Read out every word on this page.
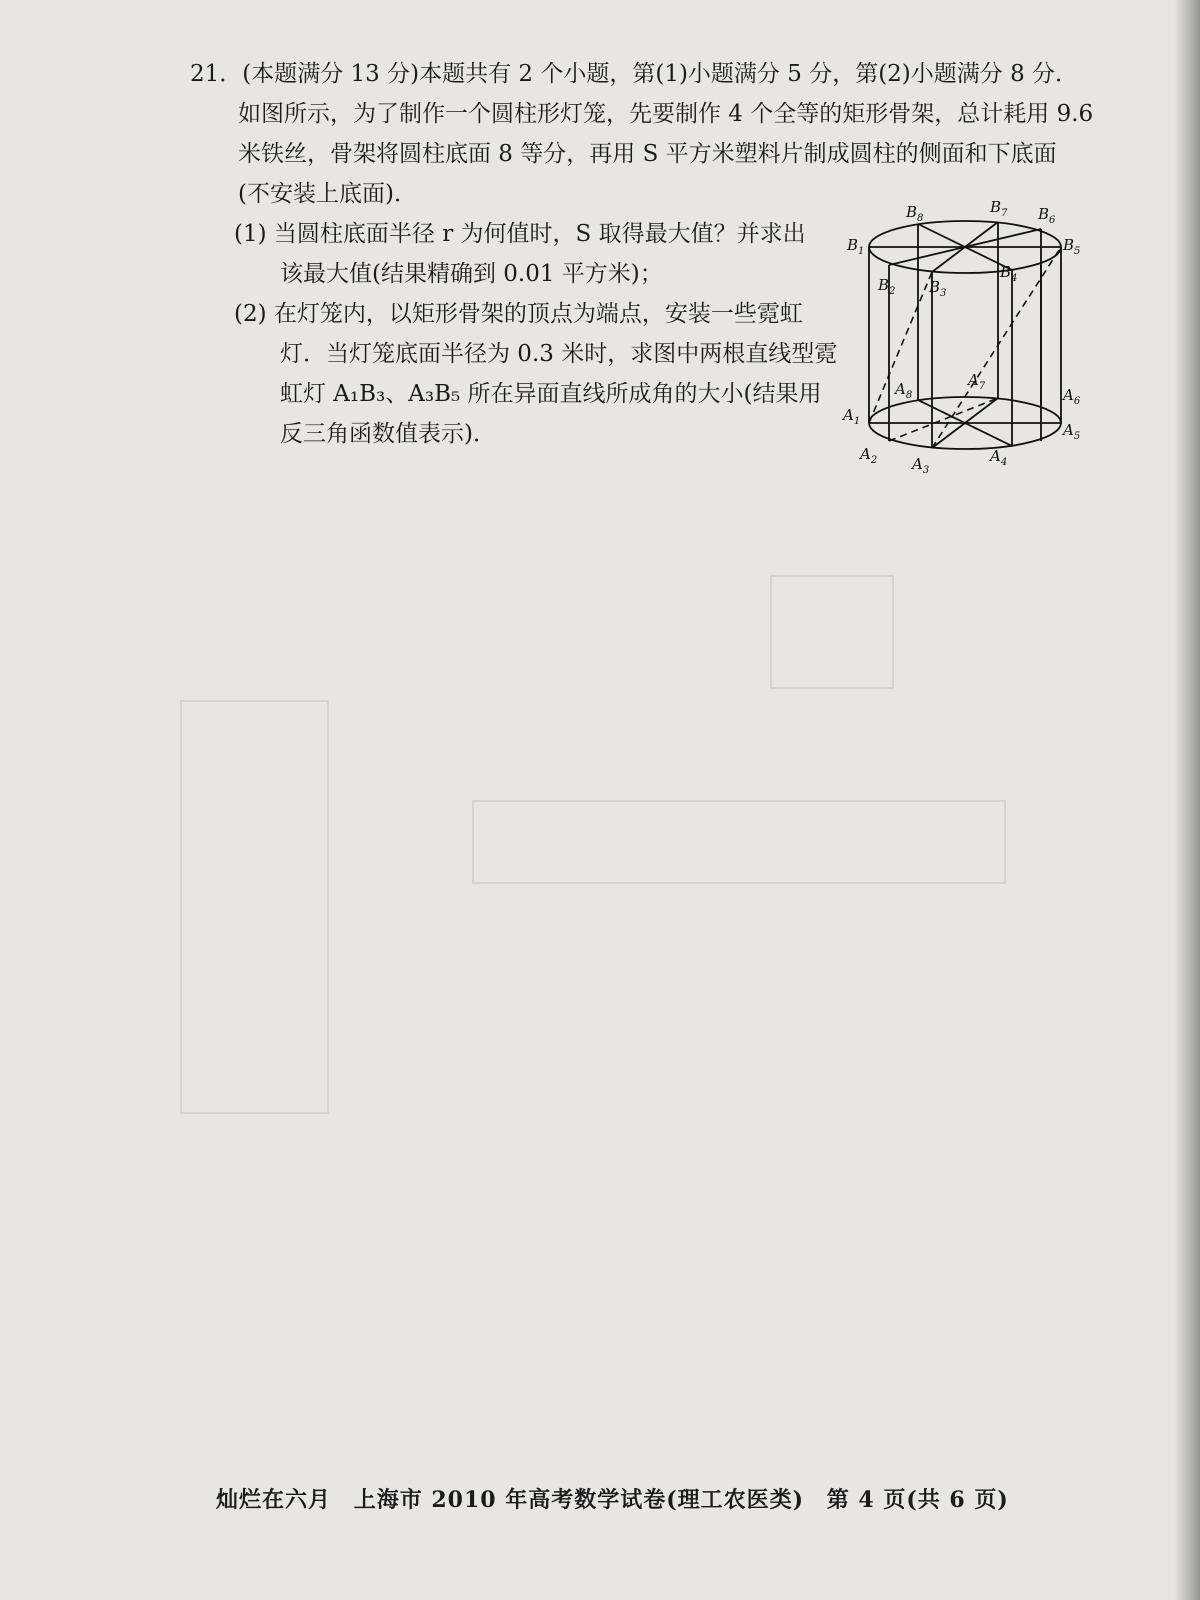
21．(本题满分 13 分)本题共有 2 个小题，第(1)小题满分 5 分，第(2)小题满分 8 分．
如图所示，为了制作一个圆柱形灯笼，先要制作 4 个全等的矩形骨架，总计耗用 9.6
米铁丝，骨架将圆柱底面 8 等分，再用 S 平方米塑料片制成圆柱的侧面和下底面
(不安装上底面)．
(1) 当圆柱底面半径 r 为何值时，S 取得最大值？并求出
该最大值(结果精确到 0.01 平方米)；
(2) 在灯笼内，以矩形骨架的顶点为端点，安装一些霓虹
灯．当灯笼底面半径为 0.3 米时，求图中两根直线型霓
虹灯 A₁B₃、A₃B₅ 所在异面直线所成角的大小(结果用
反三角函数值表示)．
$B_8$
$B_7$ $B_6$
$B_1$	$B_5$
$B_2$ $B_3$
$B_4$
$A_8$
$A_7$	$A_6$
$A_1$	$A_5$
$A_2$ $A_3$
$A_4$
灿烂在六月 上海市 2010 年高考数学试卷(理工农医类) 第 4 页(共 6 页)
